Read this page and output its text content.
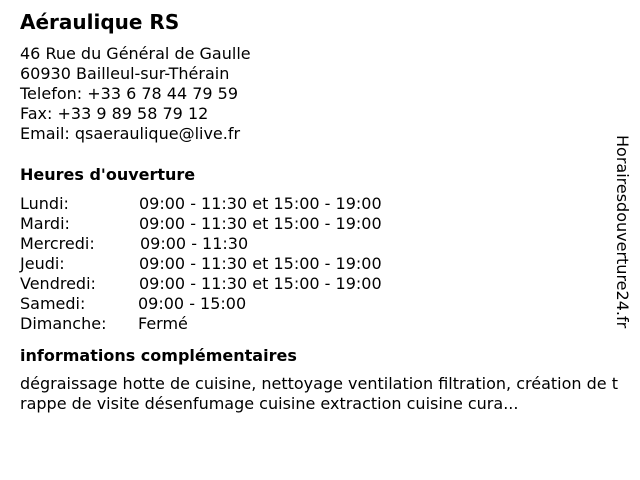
Aéraulique RS
46 Rue du Général de Gaulle
60930 Bailleul-sur-Thérain
Telefon: +33 6 78 44 79 59
Fax: +33 9 89 58 79 12
Email: qsaeraulique@live.fr
Heures d'ouverture
Lundi:	09:00 - 11:30 et 15:00 - 19:00
Mardi:	09:00 - 11:30 et 15:00 - 19:00
Mercredi:	09:00 - 11:30
Jeudi:	09:00 - 11:30 et 15:00 - 19:00
Vendredi:	09:00 - 11:30 et 15:00 - 19:00
Samedi:	09:00 - 15:00
Dimanche:	Fermé
informations complémentaires
dégraissage hotte de cuisine, nettoyage ventilation filtration, création de trappe de visite désenfumage cuisine extraction cuisine cura...
Horairesdouverture24.fr
